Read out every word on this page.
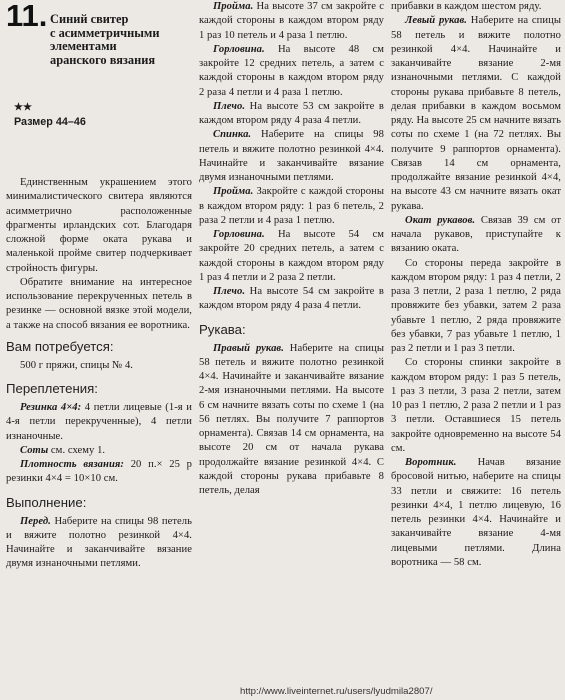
11. Синий свитер
с асимметричными
элементами
аранского вязания
★★
Размер 44–46

Единственным украшением этого минималистического свитера являются асимметрично расположенные фрагменты ирландских сот. Благодаря сложной форме оката рукава и маленькой пройме свитер подчеркивает стройность фигуры.

Обратите внимание на интересное использование перекрученных петель в резинке — основной вязке этой модели, а также на способ вязания ее воротника.

Вам потребуется:

500 г пряжи, спицы № 4.

Переплетения:

Резинка 4×4: 4 петли лицевые (1-я и 4-я петли перекрученные), 4 петли изнаночные.

Соты см. схему 1.

Плотность вязания: 20 п.× 25 р резинки 4×4 = 10×10 см.

Выполнение:

Перед. Наберите на спицы 98 петель и вяжите полотно резинкой 4×4. Начинайте и заканчивайте вязание двумя изнаночными петлями.

Пройма. На высоте 37 см закройте с каждой стороны в каждом втором ряду 1 раз 10 петель и 4 раза 1 петлю.

Горловина. На высоте 48 см закройте 12 средних петель, а затем с каждой стороны в каждом втором ряду 2 раза 4 петли и 4 раза 1 петлю.

Плечо. На высоте 53 см закройте в каждом втором ряду 4 раза 4 петли.

Спинка. Наберите на спицы 98 петель и вяжите полотно резинкой 4×4. Начинайте и заканчивайте вязание двумя изнаночными петлями.

Пройма. Закройте с каждой стороны в каждом втором ряду: 1 раз 6 петель, 2 раза 2 петли и 4 раза 1 петлю.

Горловина. На высоте 54 см закройте 20 средних петель, а затем с каждой стороны в каждом втором ряду 1 раз 4 петли и 2 раза 2 петли.

Плечо. На высоте 54 см закройте в каждом втором ряду 4 раза 4 петли.

Рукава:

Правый рукав. Наберите на спицы 58 петель и вяжите полотно резинкой 4×4. Начинайте и заканчивайте вязание 2-мя изнаночными петлями. На высоте 6 см начните вязать соты по схеме 1 (на 56 петлях. Вы получите 7 раппортов орнамента). Связав 14 см орнамента, на высоте 20 см от начала рукава продолжайте вязание резинкой 4×4. С каждой стороны рукава прибавьте 8 петель, делая

прибавки в каждом шестом ряду.

Левый рукав. Наберите на спицы 58 петель и вяжите полотно резинкой 4×4. Начинайте и заканчивайте вязание 2-мя изнаночными петлями. С каждой стороны рукава прибавьте 8 петель, делая прибавки в каждом восьмом ряду. На высоте 25 см начните вязать соты по схеме 1 (на 72 петлях. Вы получите 9 раппортов орнамента). Связав 14 см орнамента, продолжайте вязание резинкой 4×4, на высоте 43 см начните вязать окат рукава.

Окат рукавов. Связав 39 см от начала рукавов, приступайте к вязанию оката.

Со стороны переда закройте в каждом втором ряду: 1 раз 4 петли, 2 раза 3 петли, 2 раза 1 петлю, 2 ряда провяжите без убавки, затем 2 раза убавьте 1 петлю, 2 ряда провяжите без убавки, 7 раз убавьте 1 петлю, 1 раз 2 петли и 1 раз 3 петли.

Со стороны спинки закройте в каждом втором ряду: 1 раз 5 петель, 1 раз 3 петли, 3 раза 2 петли, затем 10 раз 1 петлю, 2 раза 2 петли и 1 раз 3 петли. Оставшиеся 15 петель закройте одновременно на высоте 54 см.

Воротник. Начав вязание бросовой нитью, наберите на спицы 33 петли и свяжите: 16 петель резинки 4×4, 1 петлю лицевую, 16 петель резинки 4×4. Начинайте и заканчивайте вязание 4-мя лицевыми петлями. Длина воротника — 58 см.

http://www.liveinternet.ru/users/lyudmila2807/
